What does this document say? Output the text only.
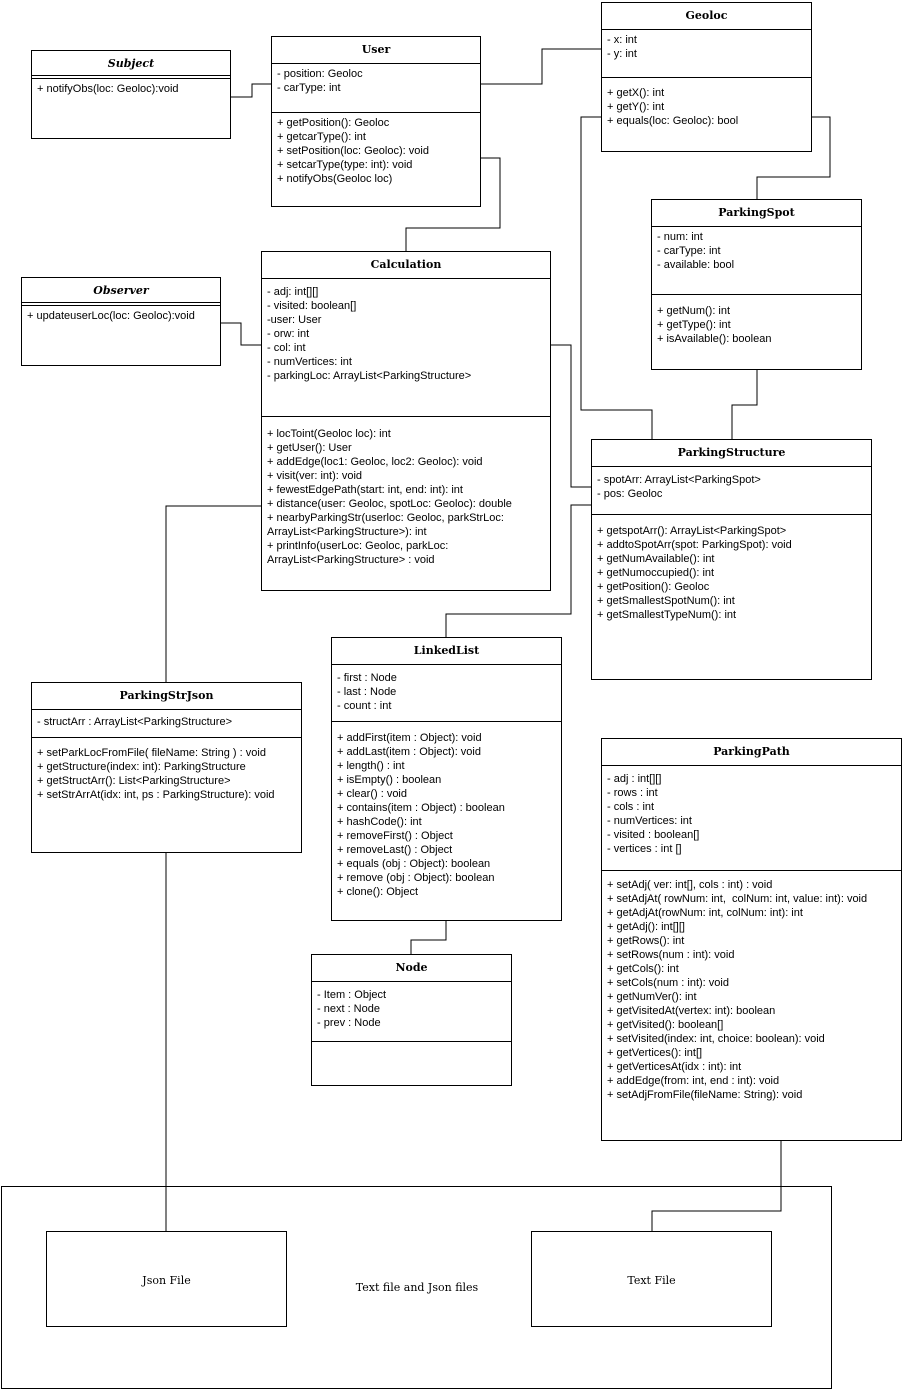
Subject
+ notifyObs(loc: Geoloc):void
User
- position: Geoloc
- carType: int
+ getPosition(): Geoloc
+ getcarType(): int
+ setPosition(loc: Geoloc): void
+ setcarType(type: int): void
+ notifyObs(Geoloc loc)
Geoloc
- x: int
- y: int
+ getX(): int
+ getY(): int
+ equals(loc: Geoloc): bool
Observer
+ updateuserLoc(loc: Geoloc):void
Calculation
- adj: int[][]
- visited: boolean[]
-user: User
- orw: int
- col: int
- numVertices: int
- parkingLoc: ArrayList<ParkingStructure>
+ locToint(Geoloc loc): int
+ getUser(): User
+ addEdge(loc1: Geoloc, loc2: Geoloc): void
+ visit(ver: int): void
+ fewestEdgePath(start: int, end: int): int
+ distance(user: Geoloc, spotLoc: Geoloc): double
+ nearbyParkingStr(userloc: Geoloc, parkStrLoc: ArrayList<ParkingStructure>): int
+ printInfo(userLoc: Geoloc, parkLoc: ArrayList<ParkingStructure> : void
ParkingSpot
- num: int
- carType: int
- available: bool
+ getNum(): int
+ getType(): int
+ isAvailable(): boolean
ParkingStructure
- spotArr: ArrayList<ParkingSpot>
- pos: Geoloc
+ getspotArr(): ArrayList<ParkingSpot>
+ addtoSpotArr(spot: ParkingSpot): void
+ getNumAvailable(): int
+ getNumoccupied(): int
+ getPosition(): Geoloc
+ getSmallestSpotNum(): int
+ getSmallestTypeNum(): int
ParkingStrJson
- structArr : ArrayList<ParkingStructure>
+ setParkLocFromFile( fileName: String ) : void
+ getStructure(index: int): ParkingStructure
+ getStructArr(): List<ParkingStructure>
+ setStrArrAt(idx: int, ps : ParkingStructure): void
LinkedList
- first : Node
- last : Node
- count : int
+ addFirst(item : Object): void
+ addLast(item : Object): void
+ length() : int
+ isEmpty() : boolean
+ clear() : void
+ contains(item : Object) : boolean
+ hashCode(): int
+ removeFirst() : Object
+ removeLast() : Object
+ equals (obj : Object): boolean
+ remove (obj : Object): boolean
+ clone(): Object
ParkingPath
- adj : int[][]
- rows : int
- cols : int
- numVertices: int
- visited : boolean[]
- vertices : int []
+ setAdj( ver: int[], cols : int) : void
+ setAdjAt( rowNum: int,  colNum: int, value: int): void
+ getAdjAt(rowNum: int, colNum: int): int
+ getAdj(): int[][]
+ getRows(): int
+ setRows(num : int): void
+ getCols(): int
+ setCols(num : int): void
+ getNumVer(): int
+ getVisitedAt(vertex: int): boolean
+ getVisited(): boolean[]
+ setVisited(index: int, choice: boolean): void
+ getVertices(): int[]
+ getVerticesAt(idx : int): int
+ addEdge(from: int, end : int): void
+ setAdjFromFile(fileName: String): void
Node
- Item : Object
- next : Node
- prev : Node
Text file and Json files
Json File	Text File
